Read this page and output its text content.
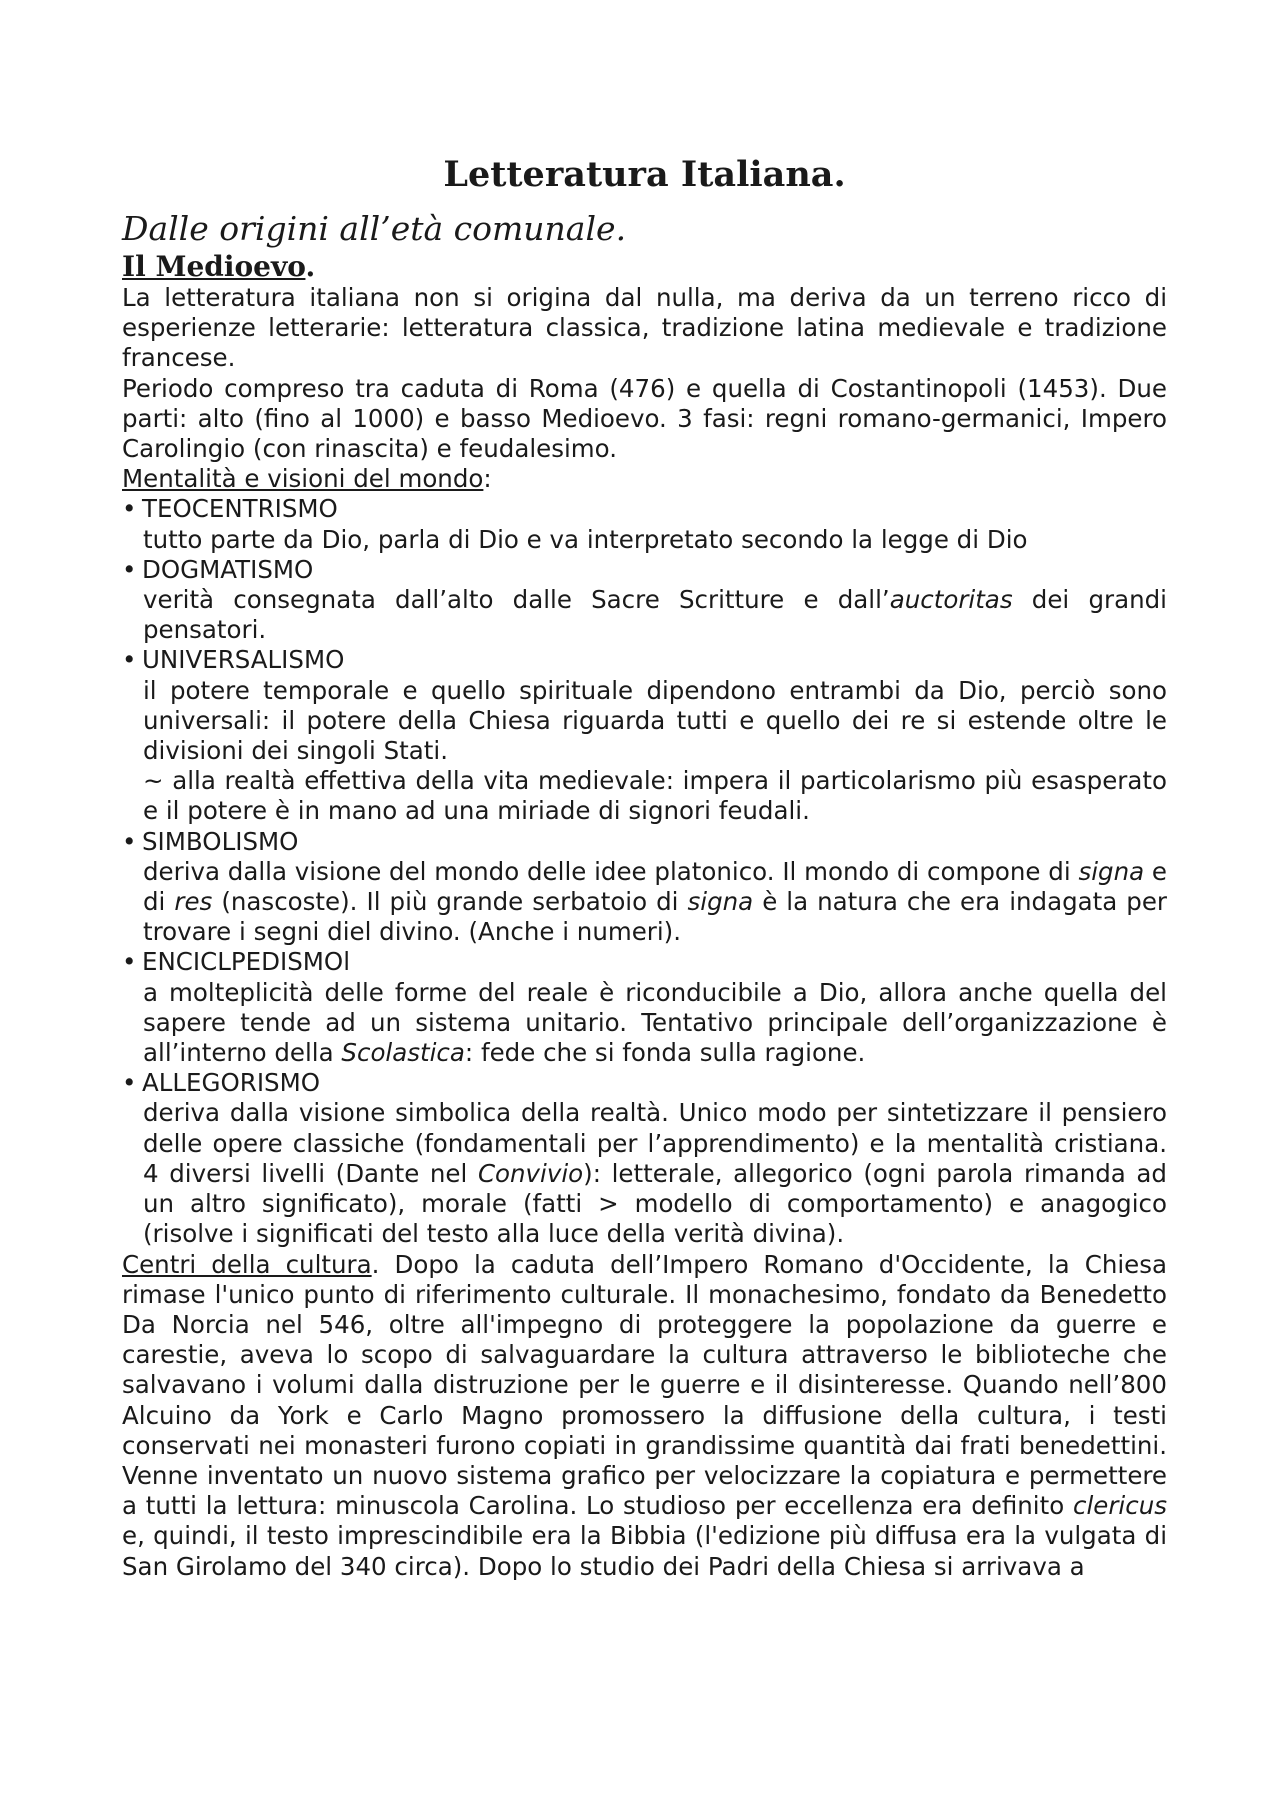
Letteratura Italiana.

Dalle origini all’età comunale.

Il Medioevo.

La letteratura italiana non si origina dal nulla, ma deriva da un terreno ricco di esperienze letterarie: letteratura classica, tradizione latina medievale e tradizione francese.

Periodo compreso tra caduta di Roma (476) e quella di Costantinopoli (1453). Due parti: alto (fino al 1000) e basso Medioevo. 3 fasi: regni romano-germanici, Impero Carolingio (con rinascita) e feudalesimo.

Mentalità e visioni del mondo:

• TEOCENTRISMO
tutto parte da Dio, parla di Dio e va interpretato secondo la legge di Dio
• DOGMATISMO
verità consegnata dall’alto dalle Sacre Scritture e dall’auctoritas dei grandi pensatori.
• UNIVERSALISMO
il potere temporale e quello spirituale dipendono entrambi da Dio, perciò sono universali: il potere della Chiesa riguarda tutti e quello dei re si estende oltre le divisioni dei singoli Stati.
~ alla realtà effettiva della vita medievale: impera il particolarismo più esasperato e il potere è in mano ad una miriade di signori feudali.
• SIMBOLISMO
deriva dalla visione del mondo delle idee platonico. Il mondo di compone di signa e di res (nascoste). Il più grande serbatoio di signa è la natura che era indagata per trovare i segni diel divino. (Anche i numeri).
• ENCICLPEDISMOl
a molteplicità delle forme del reale è riconducibile a Dio, allora anche quella del sapere tende ad un sistema unitario. Tentativo principale dell’organizzazione è all’interno della Scolastica: fede che si fonda sulla ragione.
• ALLEGORISMO
deriva dalla visione simbolica della realtà. Unico modo per sintetizzare il pensiero delle opere classiche (fondamentali per l’apprendimento) e la mentalità cristiana. 4 diversi livelli (Dante nel Convivio): letterale, allegorico (ogni parola rimanda ad un altro significato), morale (fatti > modello di comportamento) e anagogico (risolve i significati del testo alla luce della verità divina).

Centri della cultura. Dopo la caduta dell’Impero Romano d'Occidente, la Chiesa rimase l'unico punto di riferimento culturale. Il monachesimo, fondato da Benedetto Da Norcia nel 546, oltre all'impegno di proteggere la popolazione da guerre e carestie, aveva lo scopo di salvaguardare la cultura attraverso le biblioteche che salvavano i volumi dalla distruzione per le guerre e il disinteresse. Quando nell’800 Alcuino da York e Carlo Magno promossero la diffusione della cultura, i testi conservati nei monasteri furono copiati in grandissime quantità dai frati benedettini. Venne inventato un nuovo sistema grafico per velocizzare la copiatura e permettere a tutti la lettura: minuscola Carolina. Lo studioso per eccellenza era definito clericus e, quindi, il testo imprescindibile era la Bibbia (l'edizione più diffusa era la vulgata di San Girolamo del 340 circa). Dopo lo studio dei Padri della Chiesa si arrivava a
